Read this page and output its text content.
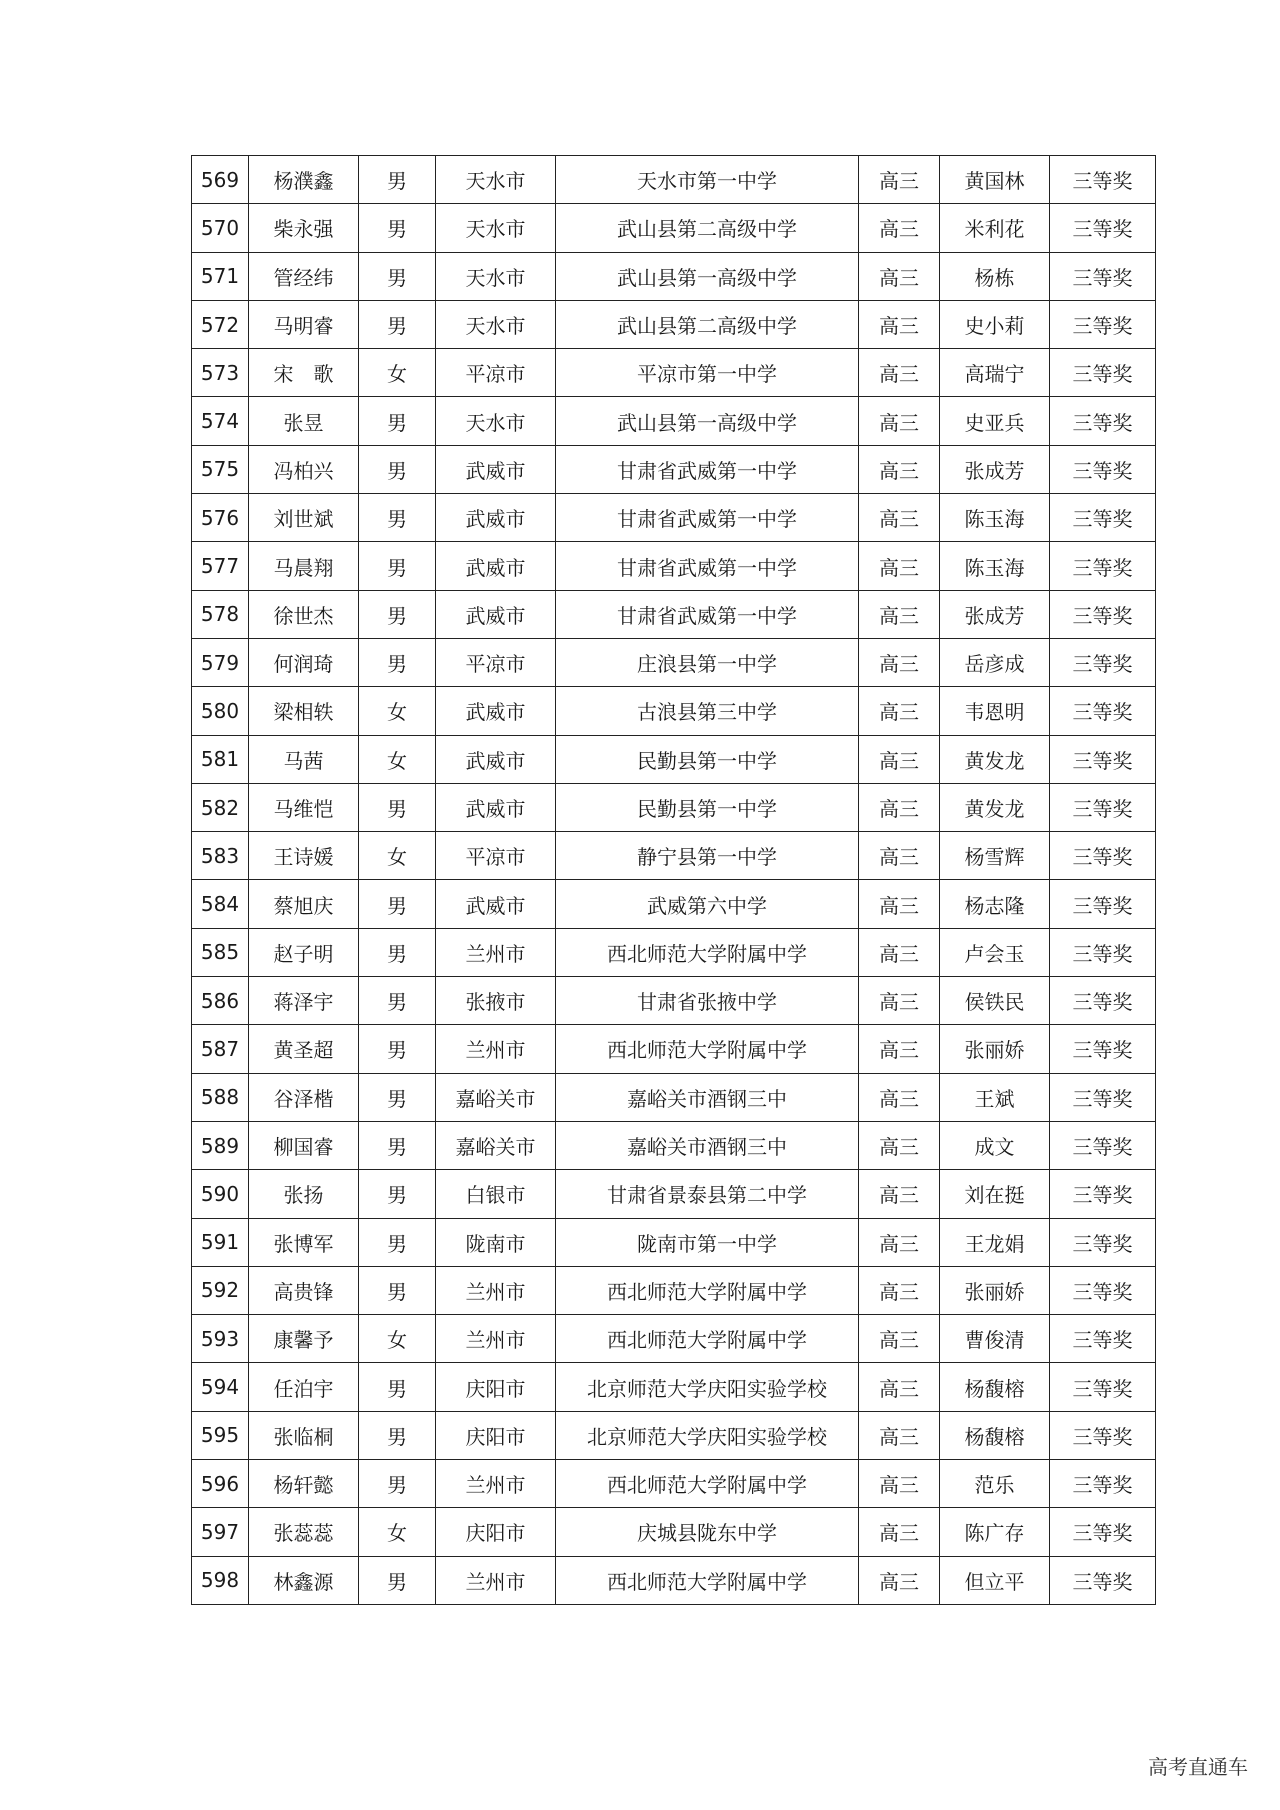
569	杨濮鑫	男	天水市	天水市第一中学	高三	黄国林	三等奖
570	柴永强	男	天水市	武山县第二高级中学	高三	米利花	三等奖
571	管经纬	男	天水市	武山县第一高级中学	高三	杨栋	三等奖
572	马明睿	男	天水市	武山县第二高级中学	高三	史小莉	三等奖
573	宋　歌	女	平凉市	平凉市第一中学	高三	高瑞宁	三等奖
574	张昱	男	天水市	武山县第一高级中学	高三	史亚兵	三等奖
575	冯柏兴	男	武威市	甘肃省武威第一中学	高三	张成芳	三等奖
576	刘世斌	男	武威市	甘肃省武威第一中学	高三	陈玉海	三等奖
577	马晨翔	男	武威市	甘肃省武威第一中学	高三	陈玉海	三等奖
578	徐世杰	男	武威市	甘肃省武威第一中学	高三	张成芳	三等奖
579	何润琦	男	平凉市	庄浪县第一中学	高三	岳彦成	三等奖
580	梁相轶	女	武威市	古浪县第三中学	高三	韦恩明	三等奖
581	马茜	女	武威市	民勤县第一中学	高三	黄发龙	三等奖
582	马维恺	男	武威市	民勤县第一中学	高三	黄发龙	三等奖
583	王诗媛	女	平凉市	静宁县第一中学	高三	杨雪辉	三等奖
584	蔡旭庆	男	武威市	武威第六中学	高三	杨志隆	三等奖
585	赵子明	男	兰州市	西北师范大学附属中学	高三	卢会玉	三等奖
586	蒋泽宇	男	张掖市	甘肃省张掖中学	高三	侯铁民	三等奖
587	黄圣超	男	兰州市	西北师范大学附属中学	高三	张丽娇	三等奖
588	谷泽楷	男	嘉峪关市	嘉峪关市酒钢三中	高三	王斌	三等奖
589	柳国睿	男	嘉峪关市	嘉峪关市酒钢三中	高三	成文	三等奖
590	张扬	男	白银市	甘肃省景泰县第二中学	高三	刘在挺	三等奖
591	张博军	男	陇南市	陇南市第一中学	高三	王龙娟	三等奖
592	高贵锋	男	兰州市	西北师范大学附属中学	高三	张丽娇	三等奖
593	康馨予	女	兰州市	西北师范大学附属中学	高三	曹俊清	三等奖
594	任泊宇	男	庆阳市	北京师范大学庆阳实验学校	高三	杨馥榕	三等奖
595	张临桐	男	庆阳市	北京师范大学庆阳实验学校	高三	杨馥榕	三等奖
596	杨轩懿	男	兰州市	西北师范大学附属中学	高三	范乐	三等奖
597	张蕊蕊	女	庆阳市	庆城县陇东中学	高三	陈广存	三等奖
598	林鑫源	男	兰州市	西北师范大学附属中学	高三	但立平	三等奖
高考直通车
